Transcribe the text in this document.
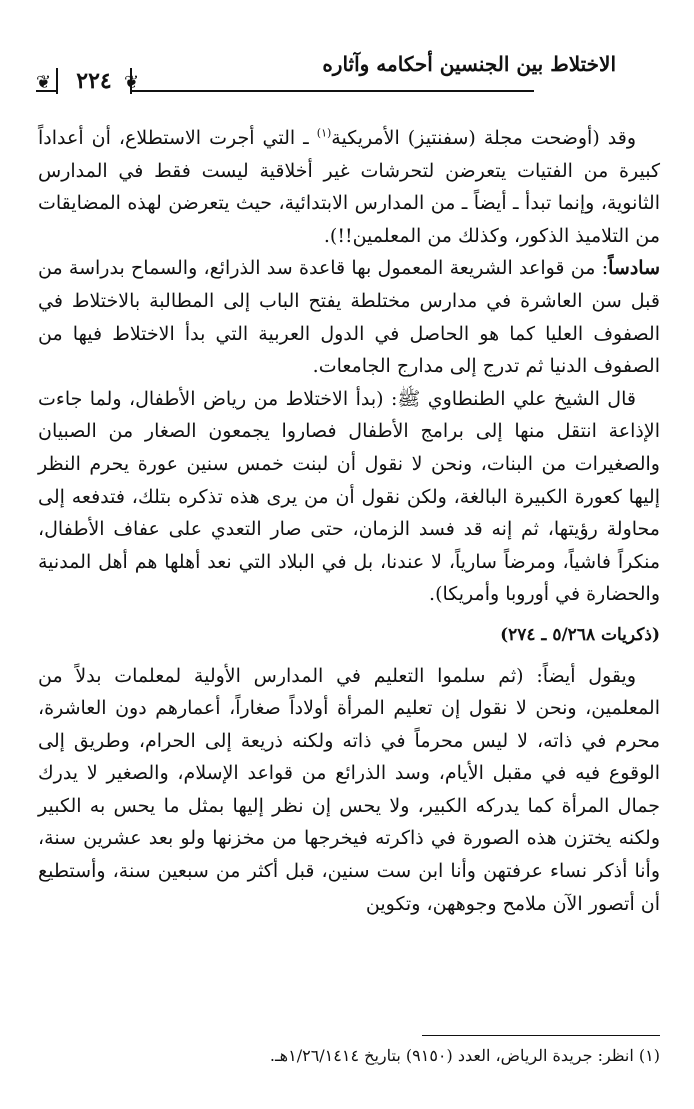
الاختلاط بين الجنسين أحكامه وآثاره
❦	٢٢٤ ❦

وقد (أوضحت مجلة (سفنتيز) الأمريكية$^{(١)}$ ـ التي أجرت الاستطلاع، أن أعداداً كبيرة من الفتيات يتعرضن لتحرشات غير أخلاقية ليست فقط في المدارس الثانوية، وإنما تبدأ ـ أيضاً ـ من المدارس الابتدائية، حيث يتعرضن لهذه المضايقات من التلاميذ الذكور، وكذلك من المعلمين!!).

سادساً: من قواعد الشريعة المعمول بها قاعدة سد الذرائع، والسماح بدراسة من قبل سن العاشرة في مدارس مختلطة يفتح الباب إلى المطالبة بالاختلاط في الصفوف العليا كما هو الحاصل في الدول العربية التي بدأ الاختلاط فيها من الصفوف الدنيا ثم تدرج إلى مدارج الجامعات.

قال الشيخ علي الطنطاوي ﷺ: (بدأ الاختلاط من رياض الأطفال، ولما جاءت الإذاعة انتقل منها إلى برامج الأطفال فصاروا يجمعون الصغار من الصبيان والصغيرات من البنات، ونحن لا نقول أن لبنت خمس سنين عورة يحرم النظر إليها كعورة الكبيرة البالغة، ولكن نقول أن من يرى هذه تذكره بتلك، فتدفعه إلى محاولة رؤيتها، ثم إنه قد فسد الزمان، حتى صار التعدي على عفاف الأطفال، منكراً فاشياً، ومرضاً سارياً، لا عندنا، بل في البلاد التي نعد أهلها هم أهل المدنية والحضارة في أوروبا وأمريكا).

(ذكريات ٥/٢٦٨ ـ ٢٧٤)

ويقول أيضاً: (ثم سلموا التعليم في المدارس الأولية لمعلمات بدلاً من المعلمين، ونحن لا نقول إن تعليم المرأة أولاداً صغاراً، أعمارهم دون العاشرة، محرم في ذاته، لا ليس محرماً في ذاته ولكنه ذريعة إلى الحرام، وطريق إلى الوقوع فيه في مقبل الأيام، وسد الذرائع من قواعد الإسلام، والصغير لا يدرك جمال المرأة كما يدركه الكبير، ولا يحس إن نظر إليها بمثل ما يحس به الكبير ولكنه يختزن هذه الصورة في ذاكرته فيخرجها من مخزنها ولو بعد عشرين سنة، وأنا أذكر نساء عرفتهن وأنا ابن ست سنين، قبل أكثر من سبعين سنة، وأستطيع أن أتصور الآن ملامح وجوههن، وتكوين

(١) انظر: جريدة الرياض، العدد (٩١٥٠) بتاريخ ١/٢٦/١٤١٤هـ.
